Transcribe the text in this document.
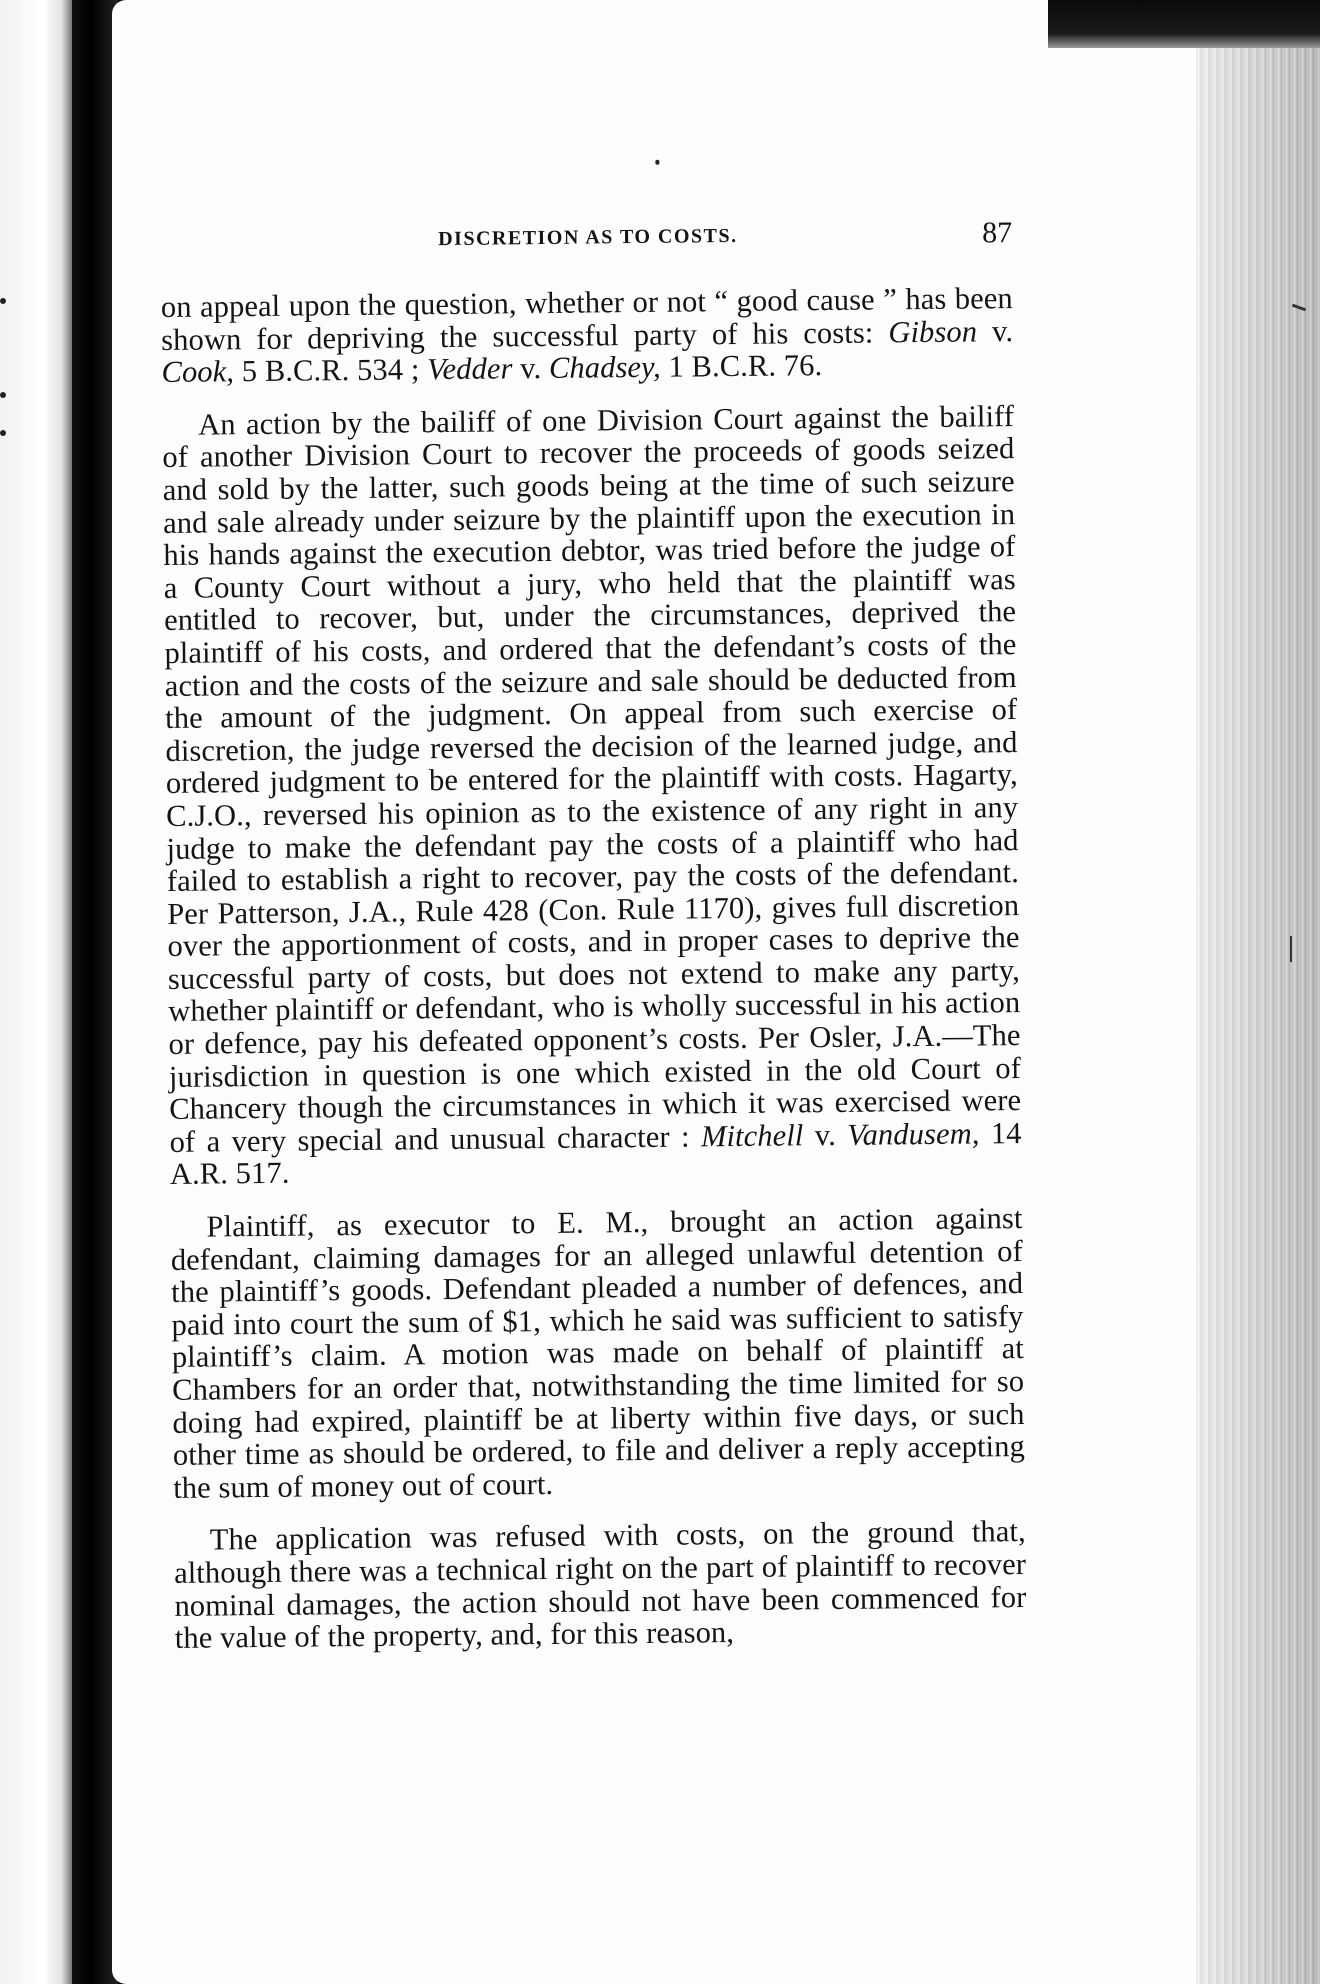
DISCRETION AS TO COSTS.	87

on appeal upon the question, whether or not “ good cause ” has been shown for depriving the successful party of his costs: Gibson v. Cook, 5 B.C.R. 534 ; Vedder v. Chadsey, 1 B.C.R. 76.

An action by the bailiff of one Division Court against the bailiff of another Division Court to recover the proceeds of goods seized and sold by the latter, such goods being at the time of such seizure and sale already under seizure by the plaintiff upon the execution in his hands against the execution debtor, was tried before the judge of a County Court without a jury, who held that the plaintiff was entitled to recover, but, under the circumstances, deprived the plaintiff of his costs, and ordered that the defendant’s costs of the action and the costs of the seizure and sale should be deducted from the amount of the judgment. On appeal from such exercise of discretion, the judge reversed the decision of the learned judge, and ordered judgment to be entered for the plaintiff with costs. Hagarty, C.J.O., reversed his opinion as to the existence of any right in any judge to make the defendant pay the costs of a plaintiff who had failed to establish a right to recover, pay the costs of the defendant. Per Patterson, J.A., Rule 428 (Con. Rule 1170), gives full discretion over the apportionment of costs, and in proper cases to deprive the successful party of costs, but does not extend to make any party, whether plaintiff or defendant, who is wholly successful in his action or defence, pay his defeated opponent’s costs. Per Osler, J.A.—The jurisdiction in question is one which existed in the old Court of Chancery though the circumstances in which it was exercised were of a very special and unusual character : Mitchell v. Vandusem, 14 A.R. 517.

Plaintiff, as executor to E. M., brought an action against defendant, claiming damages for an alleged unlawful detention of the plaintiff’s goods. Defendant pleaded a number of defences, and paid into court the sum of $1, which he said was sufficient to satisfy plaintiff’s claim. A motion was made on behalf of plaintiff at Chambers for an order that, notwithstanding the time limited for so doing had expired, plaintiff be at liberty within five days, or such other time as should be ordered, to file and deliver a reply accepting the sum of money out of court.

The application was refused with costs, on the ground that, although there was a technical right on the part of plaintiff to recover nominal damages, the action should not have been commenced for the value of the property, and, for this reason,
